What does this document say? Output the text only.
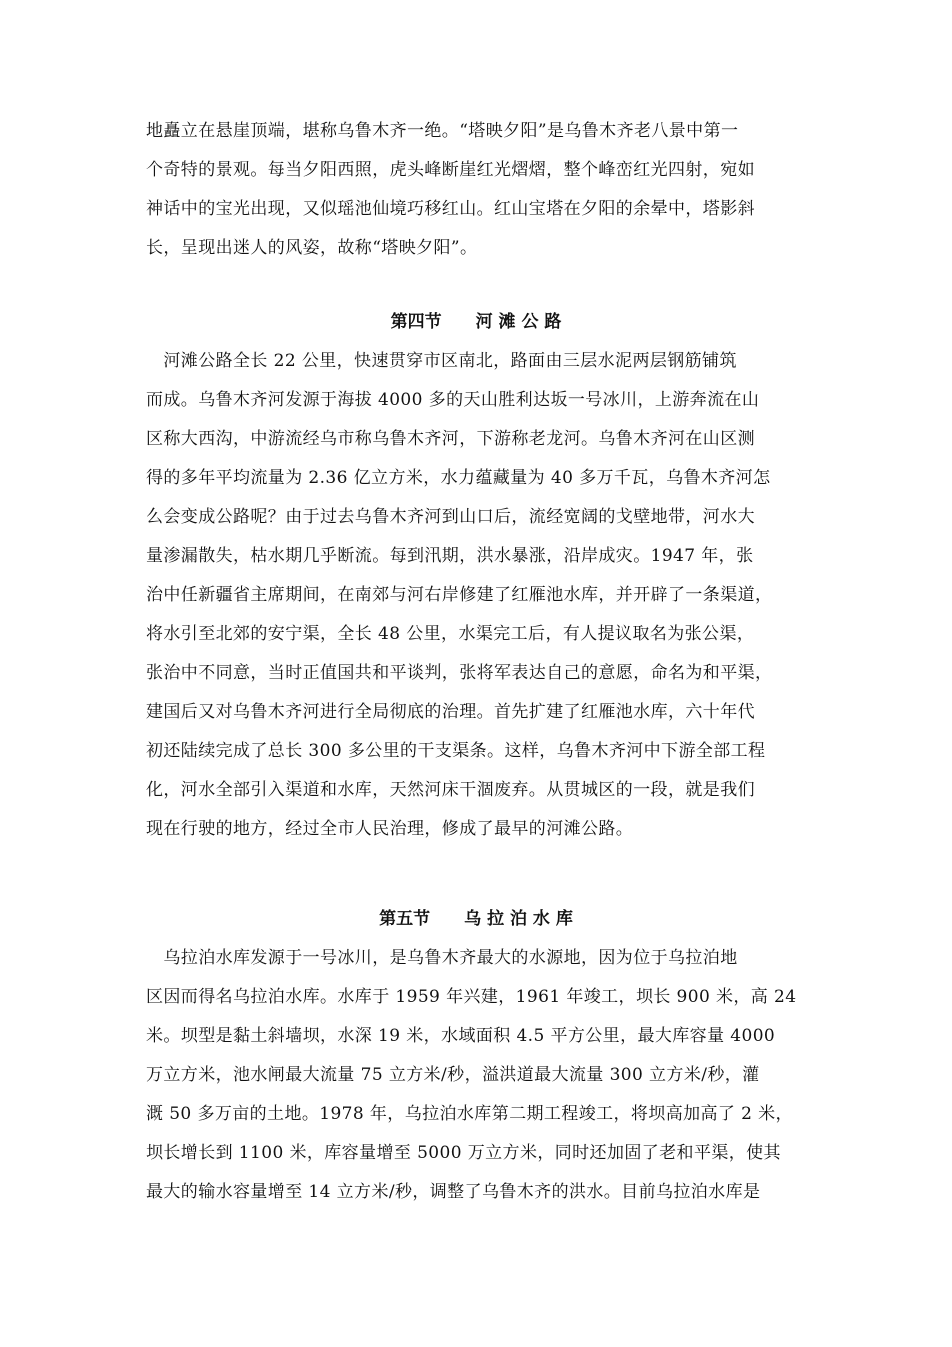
地矗立在悬崖顶端，堪称乌鲁木齐一绝。“塔映夕阳”是乌鲁木齐老八景中第一
个奇特的景观。每当夕阳西照，虎头峰断崖红光熠熠，整个峰峦红光四射，宛如
神话中的宝光出现，又似瑶池仙境巧移红山。红山宝塔在夕阳的余晕中，塔影斜
长，呈现出迷人的风姿，故称“塔映夕阳”。
第四节　　河 滩 公 路
　河滩公路全长 22 公里，快速贯穿市区南北，路面由三层水泥两层钢筋铺筑
而成。乌鲁木齐河发源于海拔 4000 多的天山胜利达坂一号冰川，上游奔流在山
区称大西沟，中游流经乌市称乌鲁木齐河，下游称老龙河。乌鲁木齐河在山区测
得的多年平均流量为 2.36 亿立方米，水力蕴藏量为 40 多万千瓦，乌鲁木齐河怎
么会变成公路呢？由于过去乌鲁木齐河到山口后，流经宽阔的戈壁地带，河水大
量渗漏散失，枯水期几乎断流。每到汛期，洪水暴涨，沿岸成灾。1947 年，张
治中任新疆省主席期间，在南郊与河右岸修建了红雁池水库，并开辟了一条渠道，
将水引至北郊的安宁渠，全长 48 公里，水渠完工后，有人提议取名为张公渠，
张治中不同意，当时正值国共和平谈判，张将军表达自己的意愿，命名为和平渠，
建国后又对乌鲁木齐河进行全局彻底的治理。首先扩建了红雁池水库，六十年代
初还陆续完成了总长 300 多公里的干支渠条。这样，乌鲁木齐河中下游全部工程
化，河水全部引入渠道和水库，天然河床干涸废弃。从贯城区的一段，就是我们
现在行驶的地方，经过全市人民治理，修成了最早的河滩公路。
第五节　　乌 拉 泊 水 库
　乌拉泊水库发源于一号冰川，是乌鲁木齐最大的水源地，因为位于乌拉泊地
区因而得名乌拉泊水库。水库于 1959 年兴建，1961 年竣工，坝长 900 米，高 24
米。坝型是黏土斜墙坝，水深 19 米，水域面积 4.5 平方公里，最大库容量 4000
万立方米，池水闸最大流量 75 立方米/秒，溢洪道最大流量 300 立方米/秒，灌
溉 50 多万亩的土地。1978 年，乌拉泊水库第二期工程竣工，将坝高加高了 2 米，
坝长增长到 1100 米，库容量增至 5000 万立方米，同时还加固了老和平渠，使其
最大的输水容量增至 14 立方米/秒，调整了乌鲁木齐的洪水。目前乌拉泊水库是
